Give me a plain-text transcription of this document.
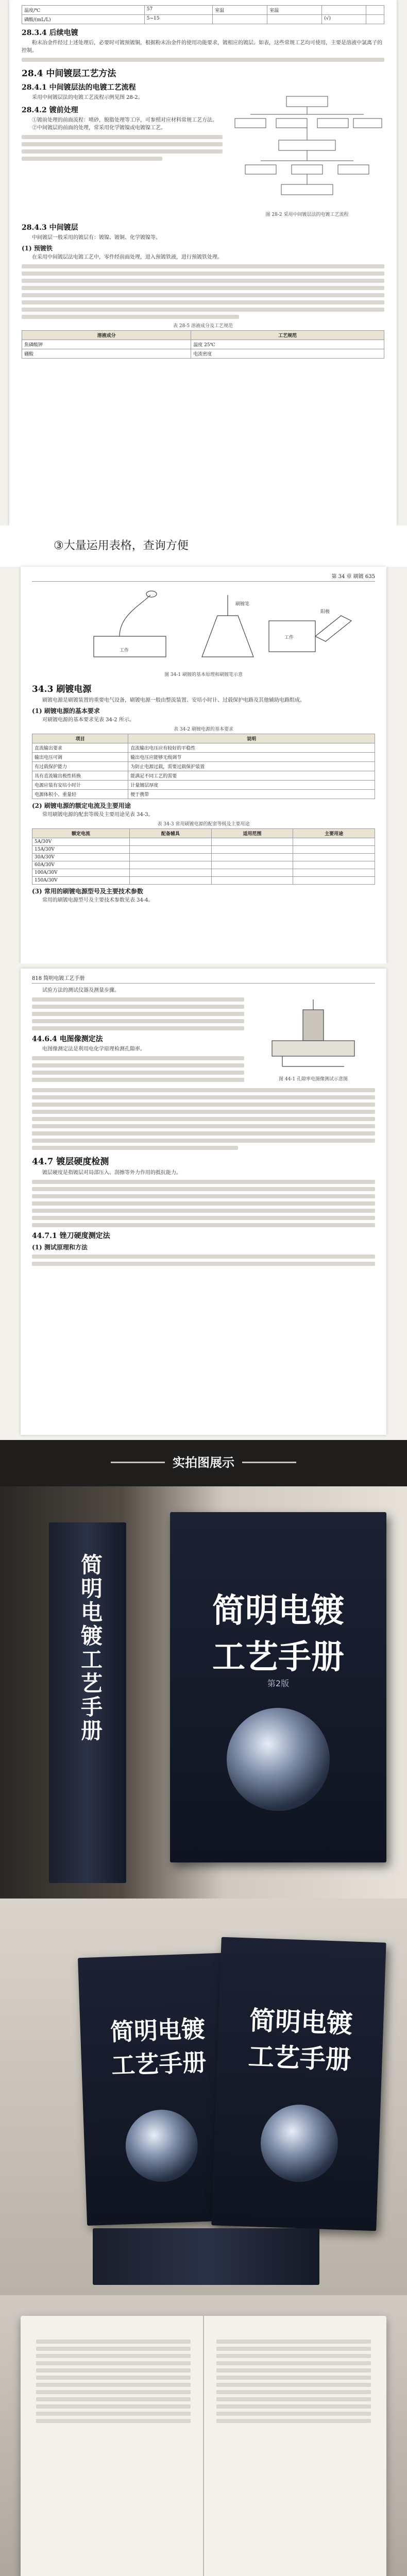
温度/℃	57	室温	室温		
磷酸/(mL/L)	5~15			(√)	
28.3.4 后续电镀

粉末冶金件经过上述处理后，必要时可镀预镀铜，根据粉末冶金件的使用功能要求，镀相应的镀层。如表，这些常规工艺均可使用，主要是溶液中氯离子的控制。

28.4 中间镀层工艺方法
28.4.1 中间镀层法的电镀工艺流程

采用中间镀层法的电镀工艺流程示例见图 28-2。

28.4.2 镀前处理

①镀前处理的前面流程：喷砂，脱脂处理等工序，可参照对应材料常规工艺方法。

②中间镀层的前面的处理，常采用化学镀镍或电镀镍工艺。

图 28-2 采用中间镀层法的电镀工艺流程
28.4.3 中间镀层

中间镀层一般采用的镀层有：镀镍、镀铜、化学镀镍等。

(1) 预镀铁

在采用中间镀层法电镀工艺中，零件经前面处理，进入预镀铁液，进行预镀铁处理。

表 28-5 溶液成分及工艺规范
溶液成分	工艺规范
焦磷酸钾	温度 25℃
硼酸	电流密度
③大量运用表格，查询方便
第 34 章 刷镀 635
工作
刷镀笔
阳极
工件
图 34-1 刷镀的基本原理和刷镀笔示意
34.3 刷镀电源

刷镀电源是刷镀装置的重要电气设备，刷镀电源一般由整流装置、安培小时计、过载保护电路及其他辅助电路组成。

(1) 刷镀电源的基本要求

对刷镀电源的基本要求见表 34-2 所示。

表 34-2 刷镀电源的基本要求
项目	说明
直流输出要求	直流输出电压应有较好的平稳性
输出电压可调	输出电压应能够无级调节
有过载保护能力	为防止电源过载，需要过载保护装置
具有直流输出极性转换	能满足不同工艺的需要
电源应装有安培小时计	计量镀层厚度
电源体积小、重量轻	便于携带
(2) 刷镀电源的额定电流及主要用途

常用刷镀电源的配套等级及主要用途见表 34-3。

表 34-3 常用刷镀电源的配套等级及主要用途
额定电流	配备辅具	适用范围	主要用途
5A/30V			
15A/30V			
30A/30V			
60A/30V			
100A/30V			
150A/30V			
(3) 常用的刷镀电源型号及主要技术参数

常用的刷镀电源型号及主要技术参数见表 34-4。

818 简明电镀工艺手册

试验方法的测试仪器及测量步骤。

44.6.4 电图像测定法

电图像测定法是利用电化学原理检测孔隙率。

图 44-1 孔隙率电图像测试示意图
44.7 镀层硬度检测

镀层硬度是指镀层对局部压入、刮擦等外力作用的抵抗能力。

44.7.1 锉刀硬度测定法
(1) 测试原理和方法
实拍图展示
简明电镀工艺手册	简明电镀
工艺手册
第2版
简明电镀
工艺手册
简明电镀
工艺手册
